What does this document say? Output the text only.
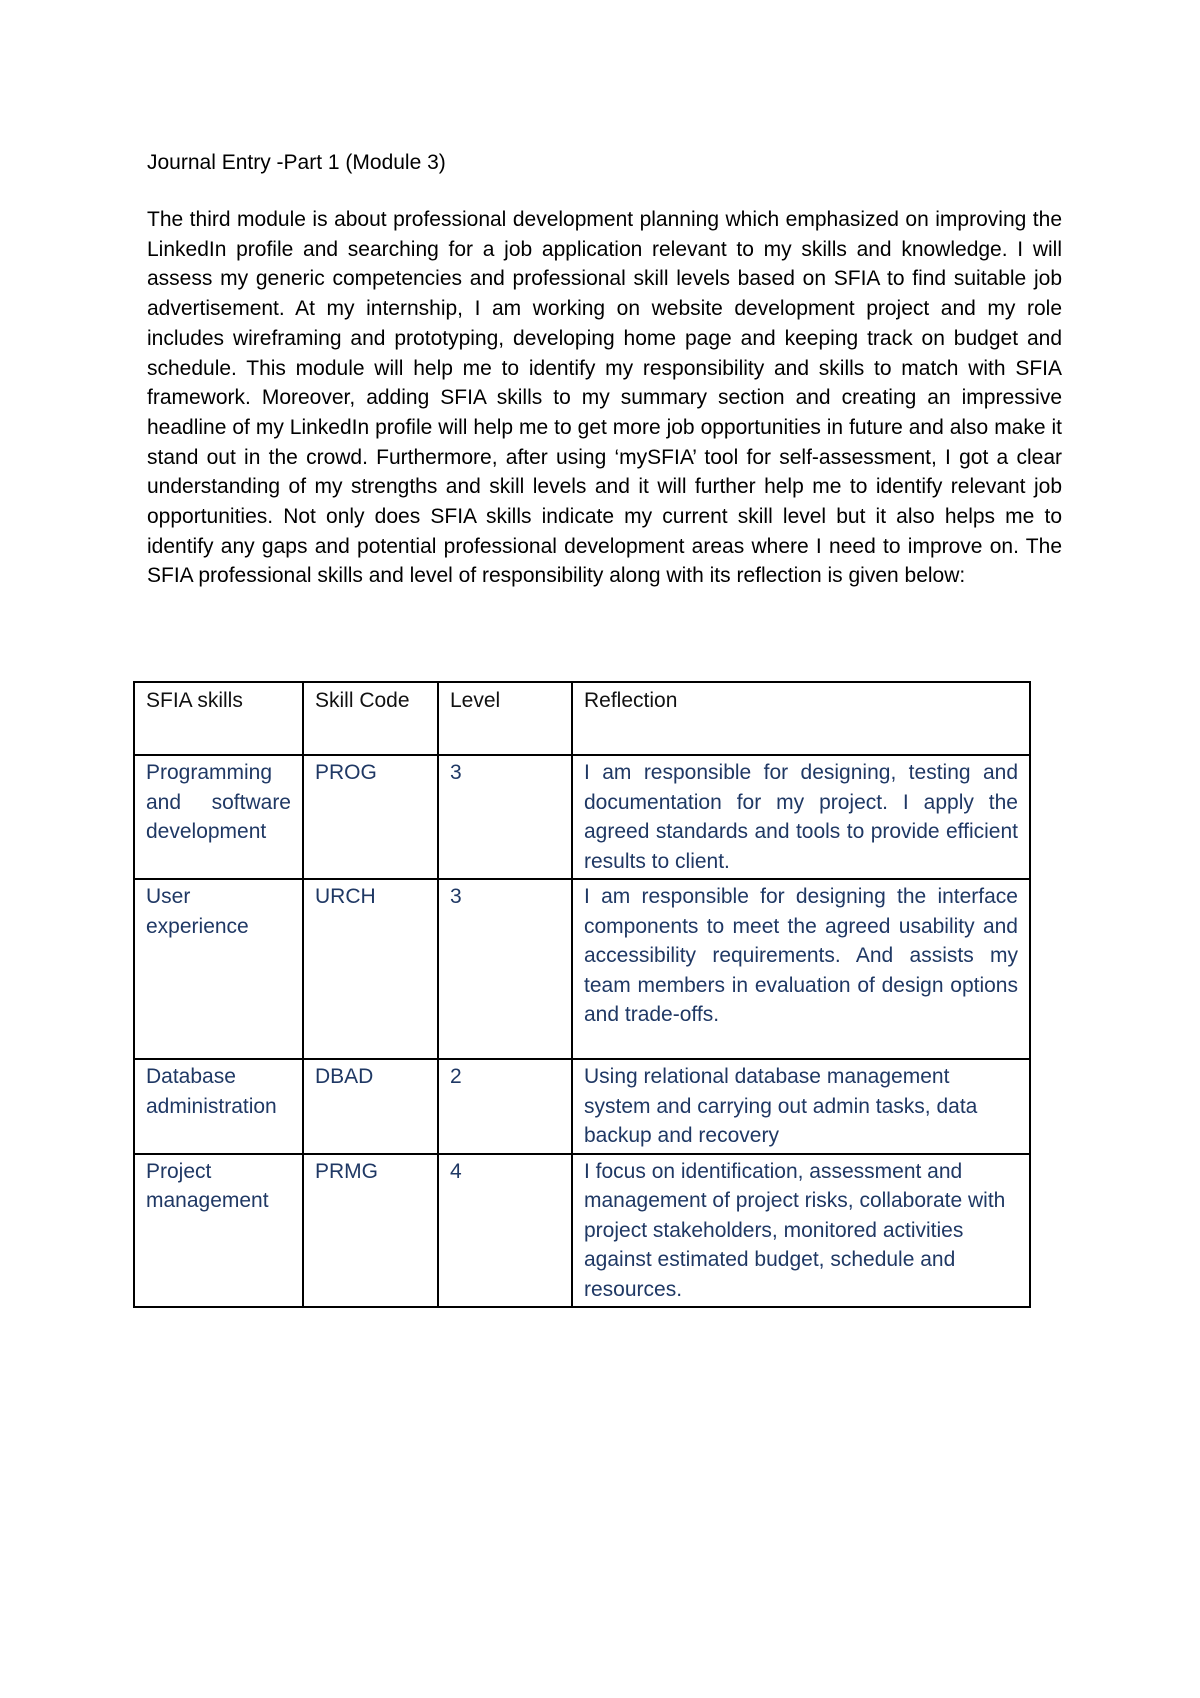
Journal Entry -Part 1 (Module 3)
The third module is about professional development planning which emphasized on improving the LinkedIn profile and searching for a job application relevant to my skills and knowledge. I will assess my generic competencies and professional skill levels based on SFIA to find suitable job advertisement. At my internship, I am working on website development project and my role includes wireframing and prototyping, developing home page and keeping track on budget and schedule. This module will help me to identify my responsibility and skills to match with SFIA framework. Moreover, adding SFIA skills to my summary section and creating an impressive headline of my LinkedIn profile will help me to get more job opportunities in future and also make it stand out in the crowd. Furthermore, after using ‘mySFIA’ tool for self-assessment, I got a clear understanding of my strengths and skill levels and it will further help me to identify relevant job opportunities. Not only does SFIA skills indicate my current skill level but it also helps me to identify any gaps and potential professional development areas where I need to improve on. The SFIA professional skills and level of responsibility along with its reflection is given below:
SFIA skills	Skill Code	Level	Reflection
Programming and software development	PROG	3	I am responsible for designing, testing and documentation for my project. I apply the agreed standards and tools to provide efficient results to client.
User experience	URCH	3	I am responsible for designing the interface components to meet the agreed usability and accessibility requirements. And assists my team members in evaluation of design options and trade-offs.
Database administration	DBAD	2	Using relational database management system and carrying out admin tasks, data backup and recovery
Project management	PRMG	4	I focus on identification, assessment and management of project risks, collaborate with project stakeholders, monitored activities against estimated budget, schedule and resources.
